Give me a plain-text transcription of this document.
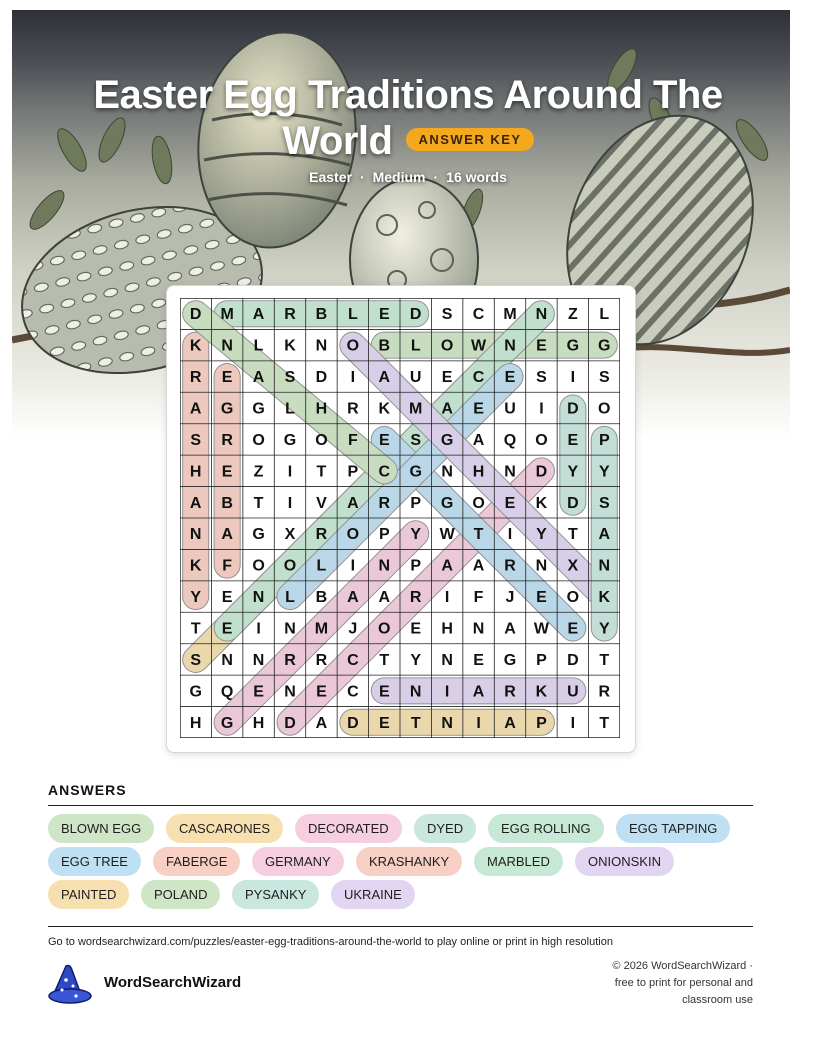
Easter Egg Traditions Around The World ANSWER KEY
Easter · Medium · 16 words
D M A R B L E D S C M N Z L
K N L K N O B L O W N E G G
R E A S D I A U E C E S I S
A G G L H R K M A E U I D O
S R O G O F E S G A Q O E P
H E Z I T P C G N H N D Y Y
A B T I V A R P G O E K D S
N A G X R O P Y W T I Y T A
K F O O L I N P A A R N X N
Y E N L B A A R I F J E O K
T E I N M J O E H N A W E Y
S N N R R C T Y N E G P D T
G Q E N E C E N I A R K U R
H G H D A D E T N I A P I T
ANSWERS
BLOWN EGG	CASCARONES	DECORATED	DYED	EGG ROLLING	EGG TAPPING
EGG TREE	FABERGE	GERMANY	KRASHANKY	MARBLED	ONIONSKIN
PAINTED	POLAND	PYSANKY	UKRAINE
Go to wordsearchwizard.com/puzzles/easter-egg-traditions-around-the-world to play online or print in high resolution
WordSearchWizard
© 2026 WordSearchWizard ·
free to print for personal and
classroom use
